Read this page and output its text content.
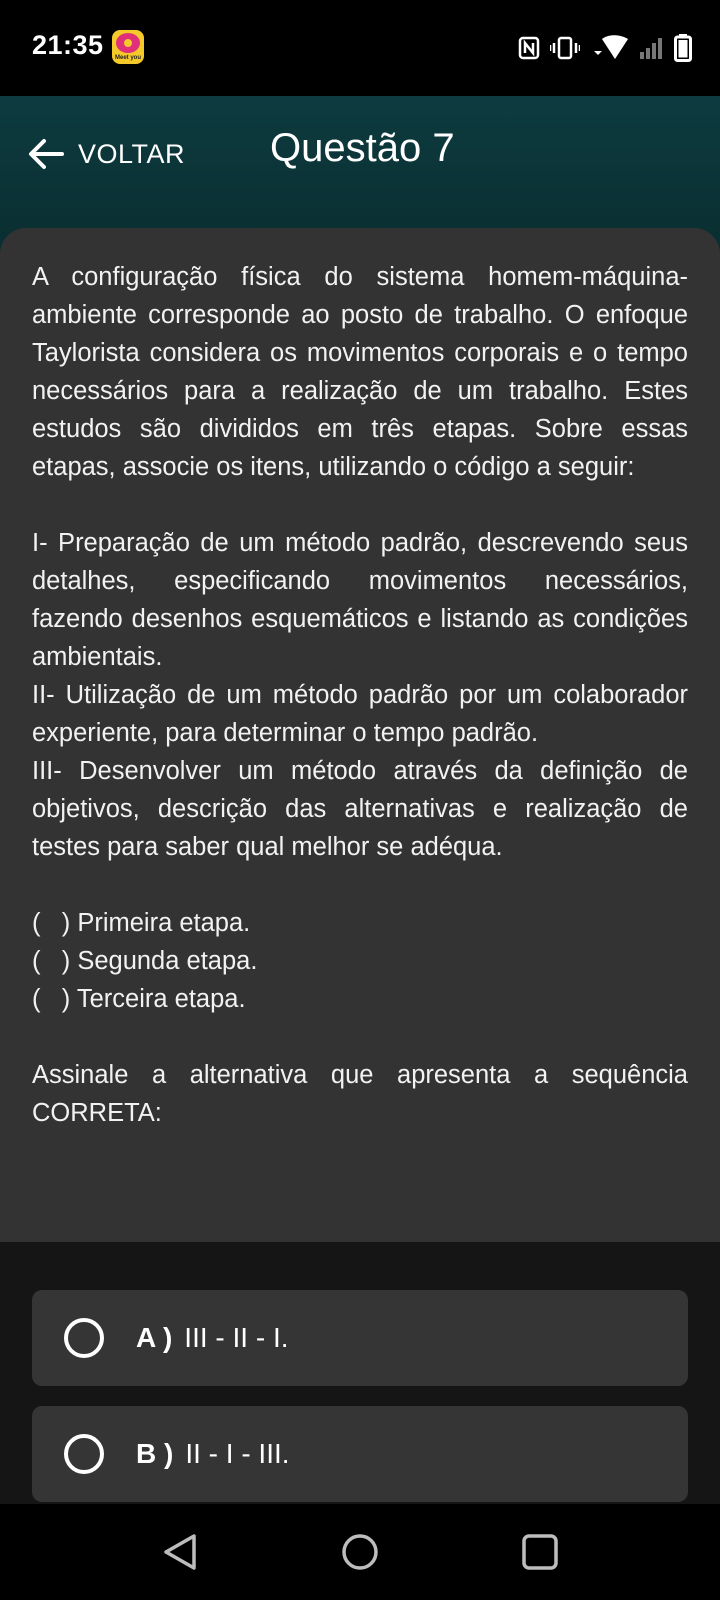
21:35	Meet you
VOLTAR Questão 7

A configuração física do sistema homem-máquina-ambiente corresponde ao posto de trabalho. O enfoque Taylorista considera os movimentos corporais e o tempo necessários para a realização de um trabalho. Estes estudos são divididos em três etapas. Sobre essas etapas, associe os itens, utilizando o código a seguir:

I- Preparação de um método padrão, descrevendo seus detalhes, especificando movimentos necessários, fazendo desenhos esquemáticos e listando as condições ambientais.

II- Utilização de um método padrão por um colaborador experiente, para determinar o tempo padrão.

III- Desenvolver um método através da definição de objetivos, descrição das alternativas e realização de testes para saber qual melhor se adéqua.

(   ) Primeira etapa.

(   ) Segunda etapa.

(   ) Terceira etapa.

Assinale a alternativa que apresenta a sequência CORRETA:

A ) III - II - I.
B ) II - I - III.
